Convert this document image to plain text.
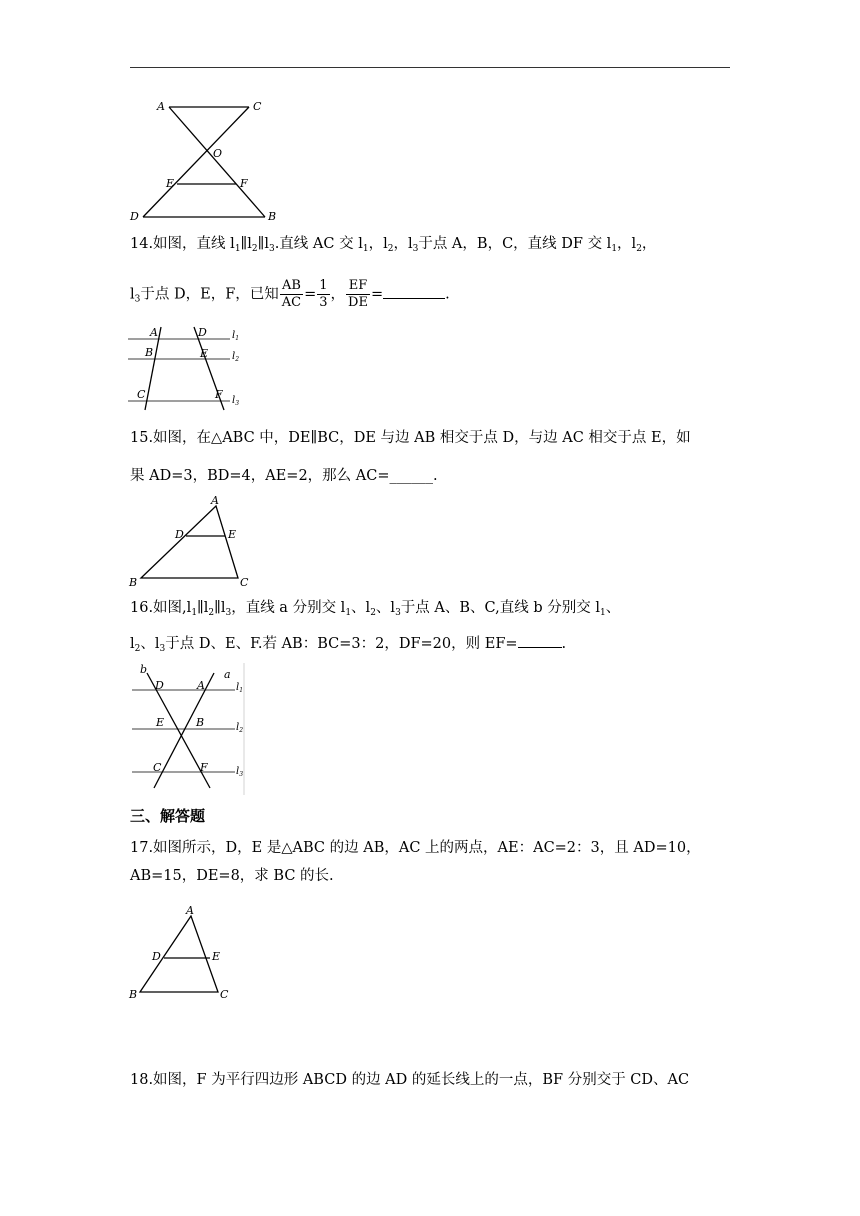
A	C
O
E	F
D	B
14.如图，直线 $l_1\parallel l_2\parallel l_3$.直线 AC 交 $l_1$，$l_2$，$l_3$于点 A，B，C，直线 DF 交 $l_1$，$l_2$，
$l_3$于点 D，E，F，已知 $\frac{AB}{AC} = \frac{1}{3}$ ， $\frac{EF}{DE}$ =	.
A	D
B	E
C	F
$l_1$
$l_2$
$l_3$
15.如图，在△ABC 中，DE∥BC，DE 与边 AB 相交于点 D，与边 AC 相交于点 E，如
果 AD=3，BD=4，AE=2，那么 AC=______.
A
D	E
B	C
16.如图$,l_1\parallel l_2\parallel l_3$，直线 a 分别交 $l_1$、$l_2$、$l_3$于点 A、B、C,直线 b 分别交 $l_1$、
$l_2$、$l_3$于点 D、E、F.若 AB：BC=3：2，DF=20，则 EF=	.
b	a
D	A
E	B
C	F
$l_1$
$l_2$
$l_3$
三、解答题
17.如图所示，D，E 是△ABC 的边 AB，AC 上的两点，AE：AC=2：3，且 AD=10，
AB=15，DE=8，求 BC 的长.
A
D	E
B	C
18.如图，F 为平行四边形 ABCD 的边 AD 的延长线上的一点，BF 分别交于 CD、AC
